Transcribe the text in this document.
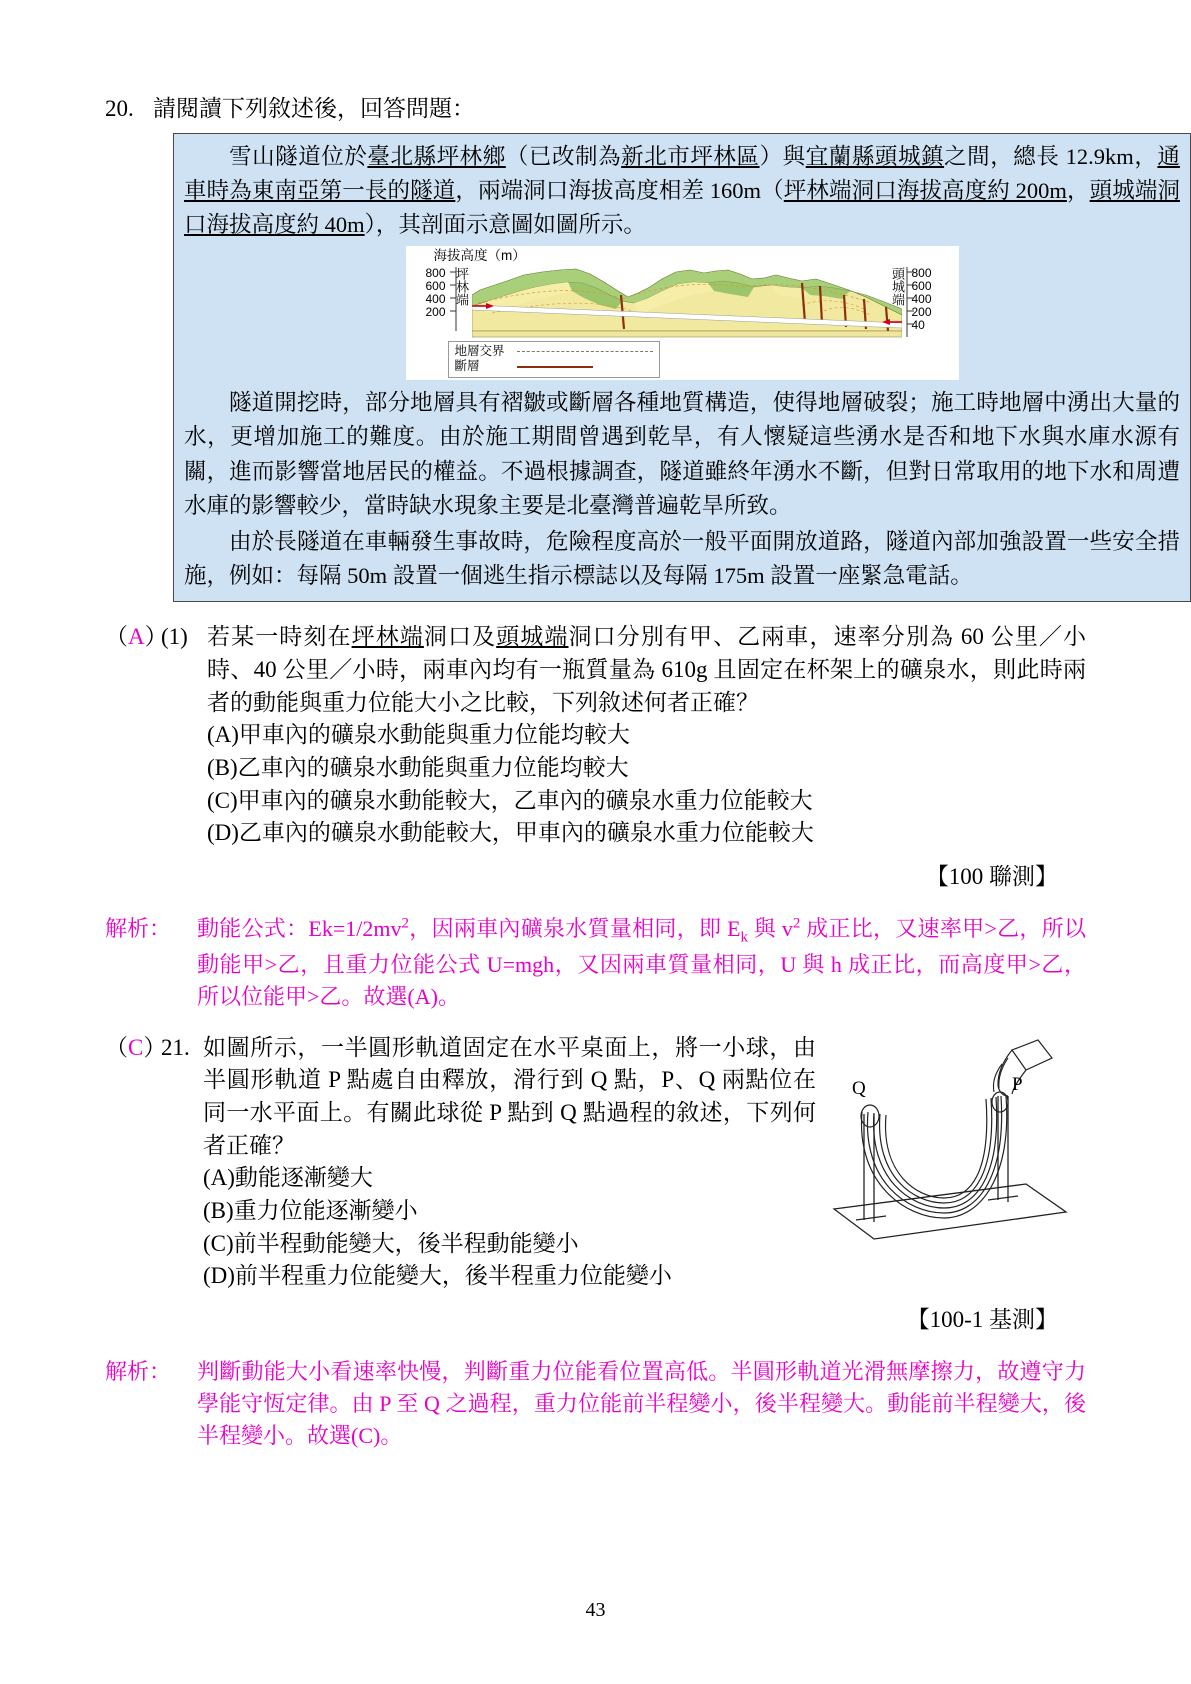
20. 請閱讀下列敘述後，回答問題：

雪山隧道位於臺北縣坪林鄉（已改制為新北市坪林區）與宜蘭縣頭城鎮之間，總長 12.9km，通車時為東南亞第一長的隧道，兩端洞口海拔高度相差 160m（坪林端洞口海拔高度約 200m，頭城端洞口海拔高度約 40m），其剖面示意圖如圖所示。

海拔高度（m）
800
600
400
200
坪林端	頭城端 800
600
400
200
40
地層交界
斷層

隧道開挖時，部分地層具有褶皺或斷層各種地質構造，使得地層破裂；施工時地層中湧出大量的水，更增加施工的難度。由於施工期間曾遇到乾旱，有人懷疑這些湧水是否和地下水與水庫水源有關，進而影響當地居民的權益。不過根據調查，隧道雖終年湧水不斷，但對日常取用的地下水和周遭水庫的影響較少，當時缺水現象主要是北臺灣普遍乾旱所致。

由於長隧道在車輛發生事故時，危險程度高於一般平面開放道路，隧道內部加強設置一些安全措施，例如：每隔 50m 設置一個逃生指示標誌以及每隔 175m 設置一座緊急電話。

（A）
(1) 若某一時刻在坪林端洞口及頭城端洞口分別有甲、乙兩車，速率分別為 60 公里／小時、40 公里／小時，兩車內均有一瓶質量為 610g 且固定在杯架上的礦泉水，則此時兩者的動能與重力位能大小之比較，下列敘述何者正確？
(A)甲車內的礦泉水動能與重力位能均較大
(B)乙車內的礦泉水動能與重力位能均較大
(C)甲車內的礦泉水動能較大，乙車內的礦泉水重力位能較大
(D)乙車內的礦泉水動能較大，甲車內的礦泉水重力位能較大
【100 聯測】
解析：	動能公式：$Ek=1/2mv^2$，因兩車內礦泉水質量相同，即 $E_k$ 與 $v^2$ 成正比，又速率甲>乙，所以動能甲>乙，且重力位能公式 U=mgh，又因兩車質量相同，U 與 h 成正比，而高度甲>乙，所以位能甲>乙。故選(A)。
（C）
21. 如圖所示，一半圓形軌道固定在水平桌面上，將一小球，由半圓形軌道 P 點處自由釋放，滑行到 Q 點，P、Q 兩點位在同一水平面上。有關此球從 P 點到 Q 點過程的敘述，下列何者正確？
(A)動能逐漸變大
(B)重力位能逐漸變小
(C)前半程動能變大，後半程動能變小
(D)前半程重力位能變大，後半程重力位能變小
Q	P
【100-1 基測】
解析：	判斷動能大小看速率快慢，判斷重力位能看位置高低。半圓形軌道光滑無摩擦力，故遵守力學能守恆定律。由 P 至 Q 之過程，重力位能前半程變小，後半程變大。動能前半程變大，後半程變小。故選(C)。
43
